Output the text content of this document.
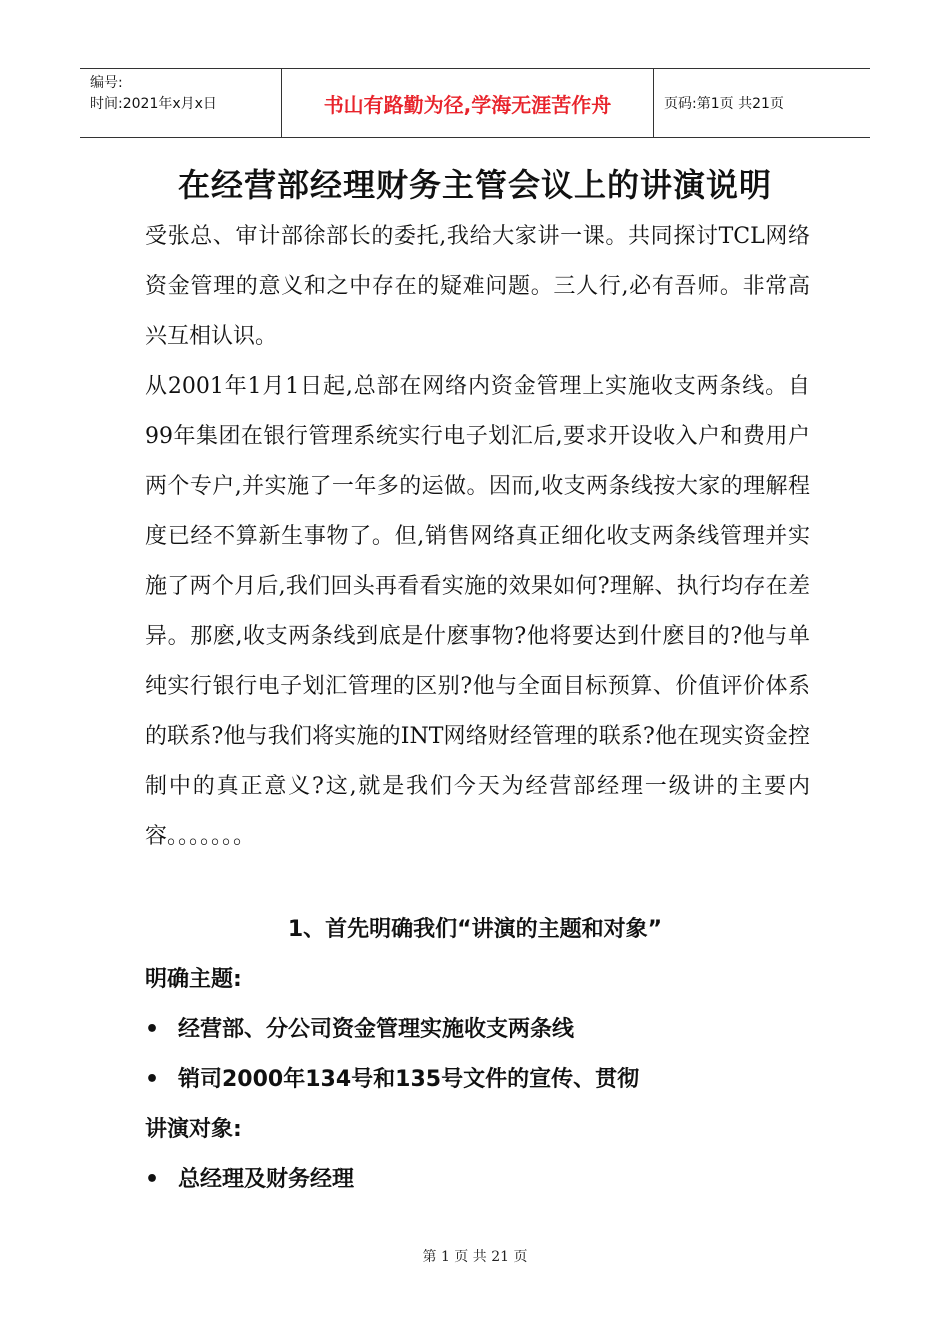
编号:
时间:2021年x月x日	书山有路勤为径,学海无涯苦作舟	页码:第1页 共21页
在经营部经理财务主管会议上的讲演说明

受张总、审计部徐部长的委托,我给大家讲一课。共同探讨TCL网络资金管理的意义和之中存在的疑难问题。三人行,必有吾师。非常高兴互相认识。

从2001年1月1日起,总部在网络内资金管理上实施收支两条线。自99年集团在银行管理系统实行电子划汇后,要求开设收入户和费用户两个专户,并实施了一年多的运做。因而,收支两条线按大家的理解程度已经不算新生事物了。但,销售网络真正细化收支两条线管理并实施了两个月后,我们回头再看看实施的效果如何?理解、执行均存在差异。那麽,收支两条线到底是什麽事物?他将要达到什麽目的?他与单纯实行银行电子划汇管理的区别?他与全面目标预算、价值评价体系的联系?他与我们将实施的INT网络财经管理的联系?他在现实资金控制中的真正意义?这,就是我们今天为经营部经理一级讲的主要内容。。。。。。。

1、首先明确我们“讲演的主题和对象”
明确主题:
• 经营部、分公司资金管理实施收支两条线
• 销司2000年134号和135号文件的宣传、贯彻
讲演对象:
• 总经理及财务经理
第 1 页 共 21 页
